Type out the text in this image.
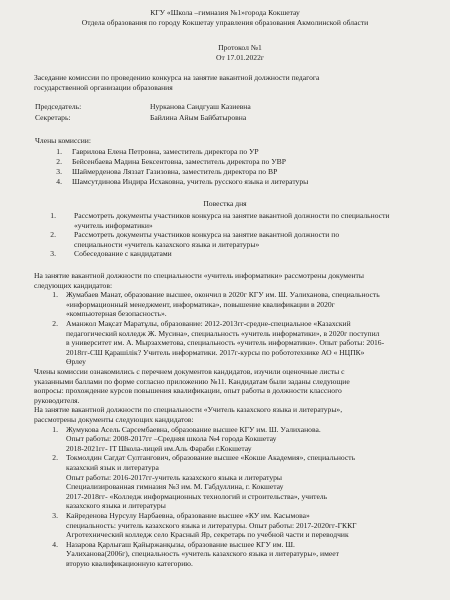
КГУ «Школа –гимназия №1»города Кокшетау
Отдела образования по городу Кокшетау управления образования Акмолинской области
Протокол №1
От 17.01.2022г
Заседание комиссии по проведению конкурса на занятие вакантной должности педагога
государственной организации образования
Председатель:	Нурканова Саидгуаш Казиевна
Секретарь:	Байлина Айым Байбатыровна
Члены комиссии:
Повестка дня
1. Гаврилова Елена Петровна, заместитель директора по УР
2. Бейсенбаева Мадина Бексентовна, заместитель директора по УВР
3. Шаймерденова Ляззат Газизовна, заместитель директора по ВР
4. Шамсутдинова Индира Исхаковна, учитель русского языка и литературы
1. Рассмотреть документы участников конкурса на занятие вакантной должности по специальности
«учитель информатики»
2. Рассмотреть документы участников конкурса на занятие вакантной должности по
специальности «учитель казахского языка и литературы»
3. Собеседование с кандидатами
На занятие вакантной должности по специальности «учитель информатики» рассмотрены документы
следующих кандидатов:
1. Жумабаев Манат, образование высшее, окончил в 2020г КГУ им. Ш. Уалиханова, специальность
«информационный менеджмент, информатика», повышение квалификации в 2020г
«компьютерная безопасность».
2. Аманжол Мақсат Маратұлы, образование: 2012-2013гг-средне-специальное «Казахский
педагогический колледж Ж. Мусина», специальность «учитель информатики», в 2020г поступил
в университет им. А. Мырзахметова, специальность «учитель информатики». Опыт работы: 2016-
2018гг-СШ Қарашілік? Учитель информатики. 2017г-курсы по робототехнике АО « НЦПК»
Өрлеу
Члены комиссии ознакомились с перечнем документов кандидатов, изучили оценочные листы с
указанными баллами по форме согласно приложению №11. Кандидатам были заданы следующие
вопросы: прохождение курсов повышения квалификации, опыт работы в должности классного
руководителя.
На занятие вакантной должности по специальности «Учитель казахского языка и литературы»,
рассмотрены документы следующих кандидатов:
1. Жумукова Асель Сарсембаевна, образование высшее КГУ им. Ш. Уалиханова.
Опыт работы: 2008-2017гг –Средняя школа №4 города Кокшетау
2018-2021гг- IT Школа-лицей им.Аль Фараби г.Кокшетау
2. Токмолдин Сагдат Султангович, образование высшее «Кокше Академия», специальность
казахский язык и литература
Опыт работы: 2016-2017гг-учитель казахского языка и литературы
Специализированная гимназия №3 им. М. Габдуллина, г. Кокшетау
2017-2018гг- «Колледж информационных технологий и строительства», учитель
казахского языка и литературы
3. Кайреденова Нурсулу Нарбаевна, образование высшее «КУ им. Касымова»
специальность: учитель казахского языка и литературы. Опыт работы: 2017-2020гг-ГККГ
Агротехнический колледж село Красный Яр, секретарь по учебной части и переводчик
4. Назарова Қарлығаш Қайыржанқызы, образование высшее КГУ им. Ш.
Уалиханова(2006г), специальность «учитель казахского языка и литературы», имеет
вторую квалификационную категорию.
